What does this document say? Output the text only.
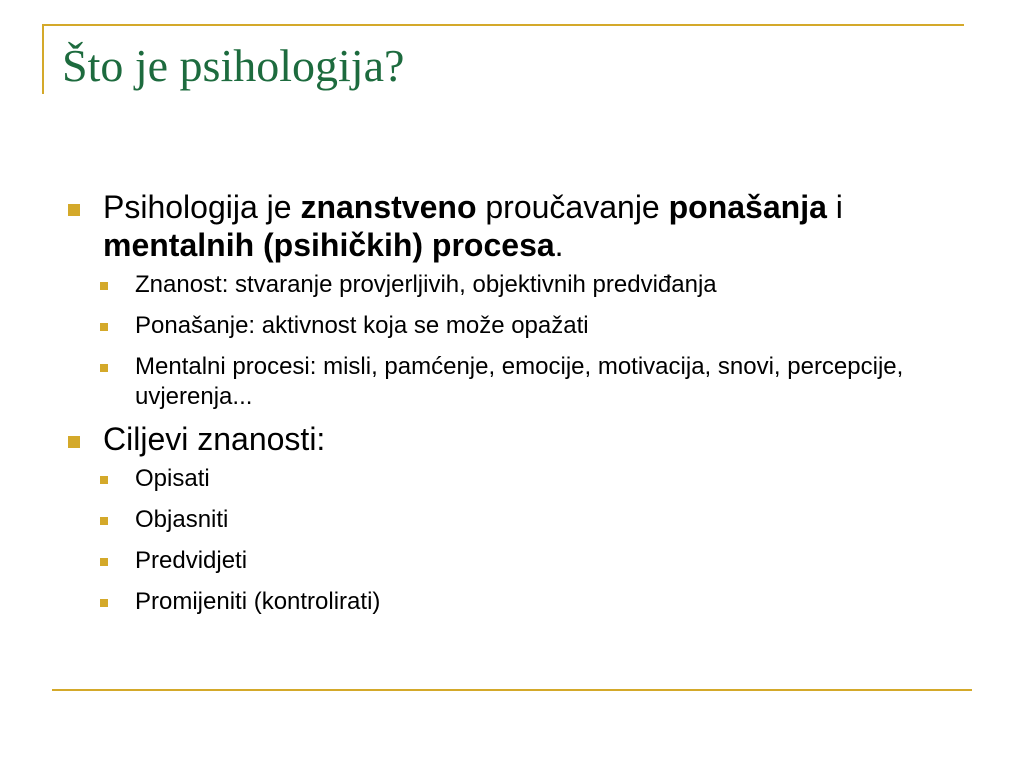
Što je psihologija?
Psihologija je znanstveno proučavanje ponašanja i mentalnih (psihičkih) procesa.
Znanost: stvaranje provjerljivih, objektivnih predviđanja
Ponašanje: aktivnost koja se može opažati
Mentalni procesi: misli, pamćenje, emocije, motivacija, snovi, percepcije, uvjerenja...
Ciljevi znanosti:
Opisati
Objasniti
Predvidjeti
Promijeniti (kontrolirati)
